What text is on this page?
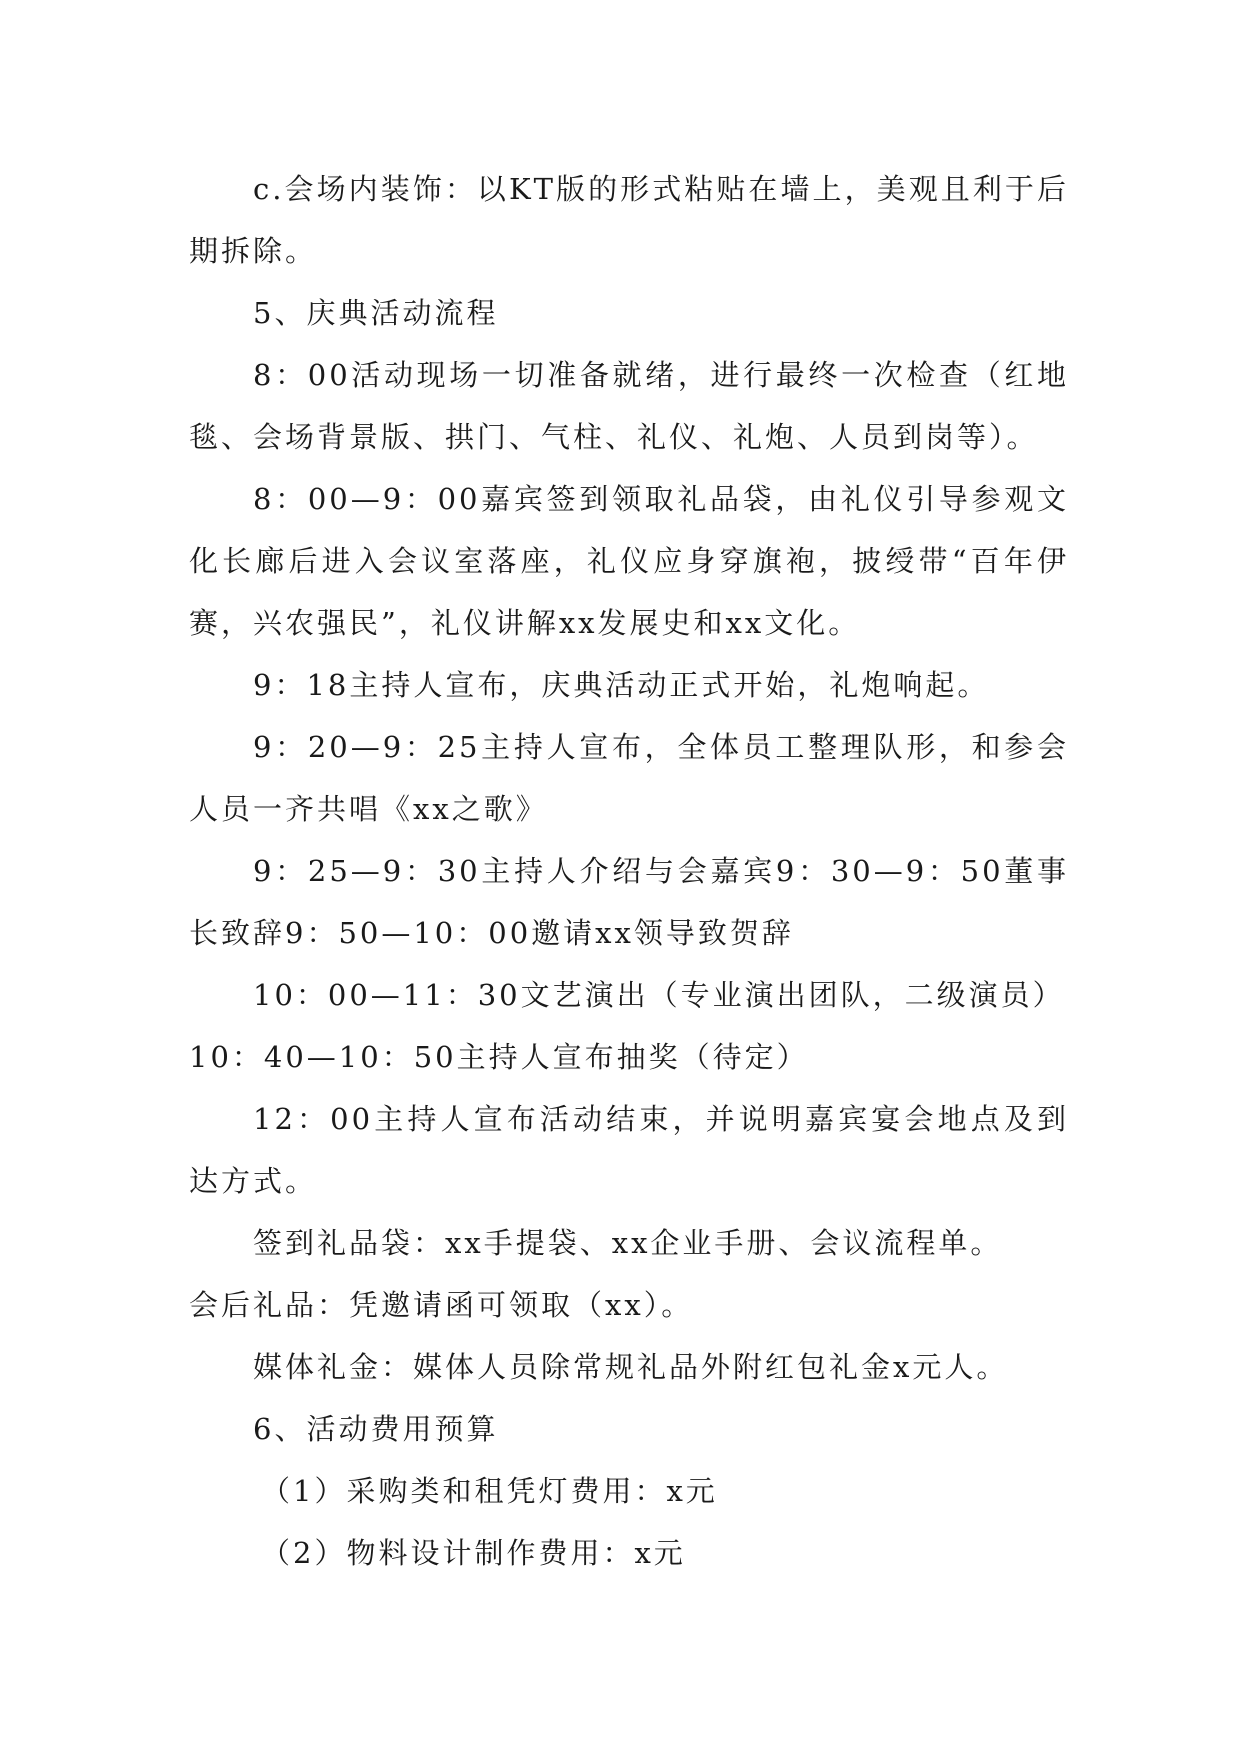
c.会场内装饰：以KT版的形式粘贴在墙上，美观且利于后期拆除。

5、庆典活动流程

8：00活动现场一切准备就绪，进行最终一次检查（红地毯、会场背景版、拱门、气柱、礼仪、礼炮、人员到岗等）。

8：00—9：00嘉宾签到领取礼品袋，由礼仪引导参观文化长廊后进入会议室落座，礼仪应身穿旗袍，披绶带“百年伊赛，兴农强民”，礼仪讲解xx发展史和xx文化。

9：18主持人宣布，庆典活动正式开始，礼炮响起。

9：20—9：25主持人宣布，全体员工整理队形，和参会人员一齐共唱《xx之歌》

9：25—9：30主持人介绍与会嘉宾9：30—9：50董事长致辞9：50—10：00邀请xx领导致贺辞

10：00—11：30文艺演出（专业演出团队，二级演员）

10：40—10：50主持人宣布抽奖（待定）

12：00主持人宣布活动结束，并说明嘉宾宴会地点及到达方式。

签到礼品袋：xx手提袋、xx企业手册、会议流程单。

会后礼品：凭邀请函可领取（xx）。

媒体礼金：媒体人员除常规礼品外附红包礼金x元人。

6、活动费用预算

（1）采购类和租凭灯费用：x元

（2）物料设计制作费用：x元
